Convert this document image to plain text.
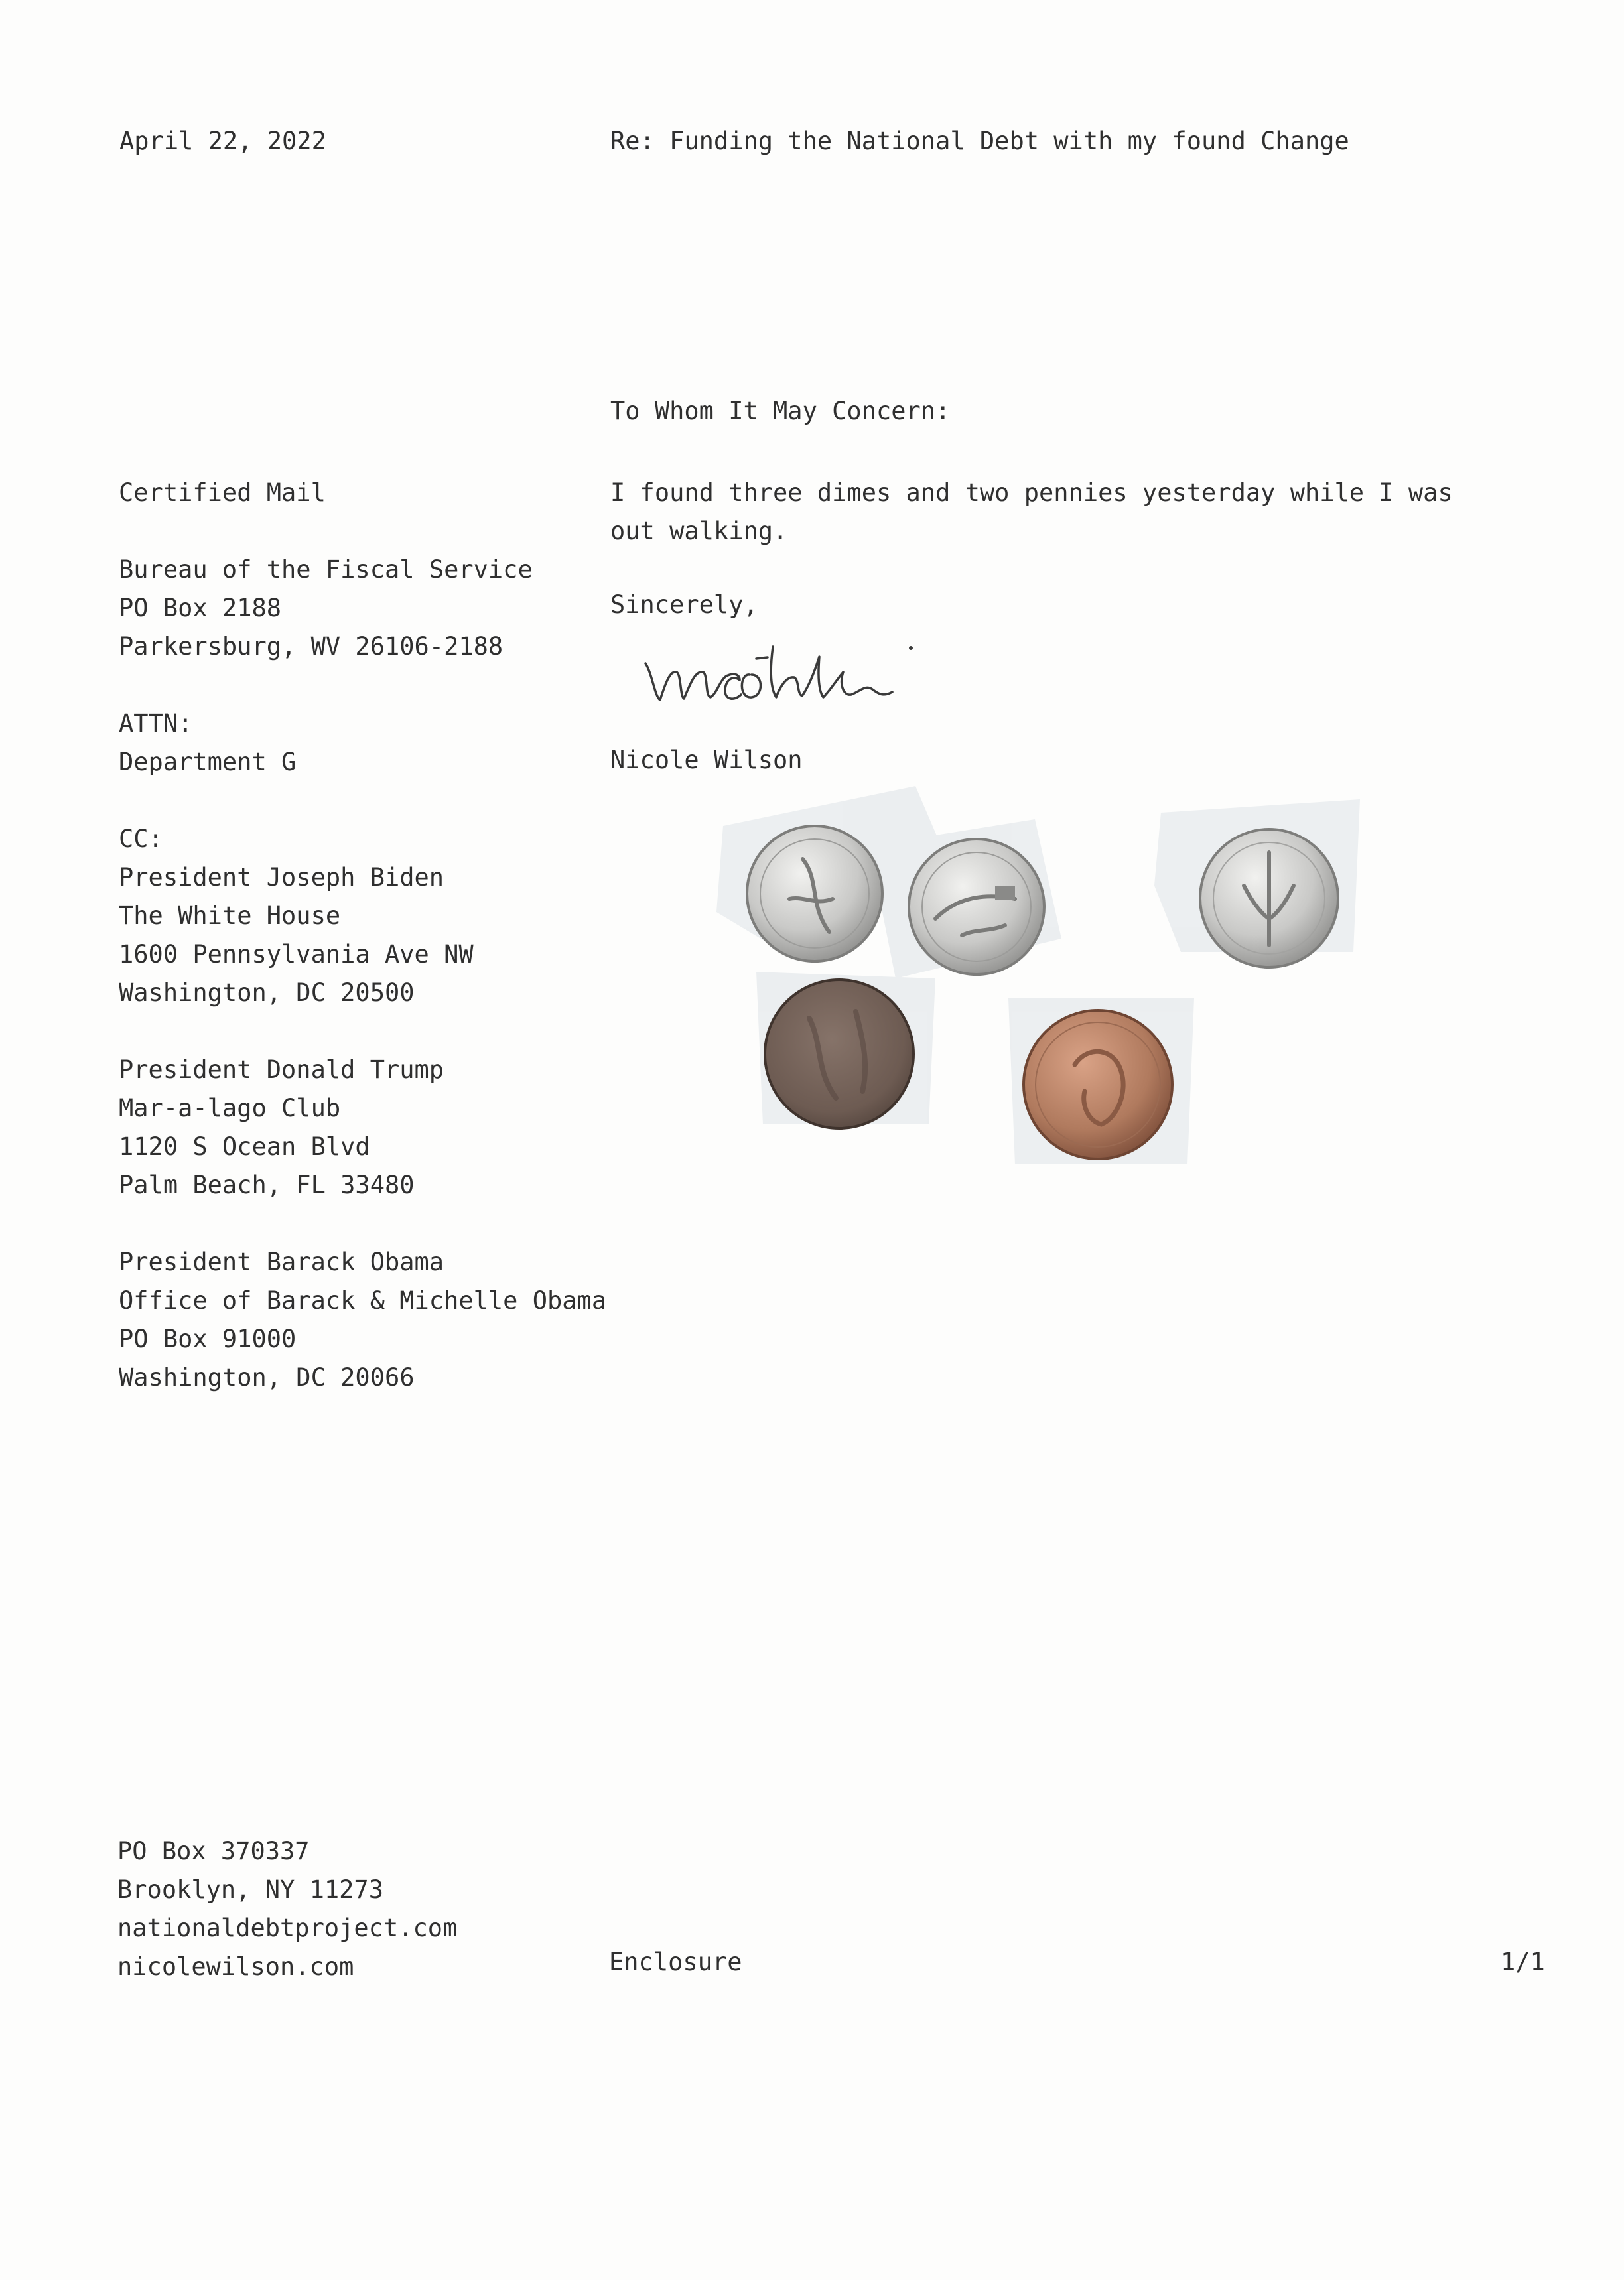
April 22, 2022	Re: Funding the National Debt with my found Change
To Whom It May Concern:
Certified Mail
Bureau of the Fiscal Service
PO Box 2188
Parkersburg, WV 26106-2188
ATTN:
Department G
CC:
President Joseph Biden
The White House
1600 Pennsylvania Ave NW
Washington, DC 20500
President Donald Trump
Mar-a-lago Club
1120 S Ocean Blvd
Palm Beach, FL 33480
President Barack Obama
Office of Barack & Michelle Obama
PO Box 91000
Washington, DC 20066
I found three dimes and two pennies yesterday while I was out walking.
Sincerely,
Nicole Wilson
PO Box 370337
Brooklyn, NY 11273
nationaldebtproject.com
nicolewilson.com	Enclosure	1/1
